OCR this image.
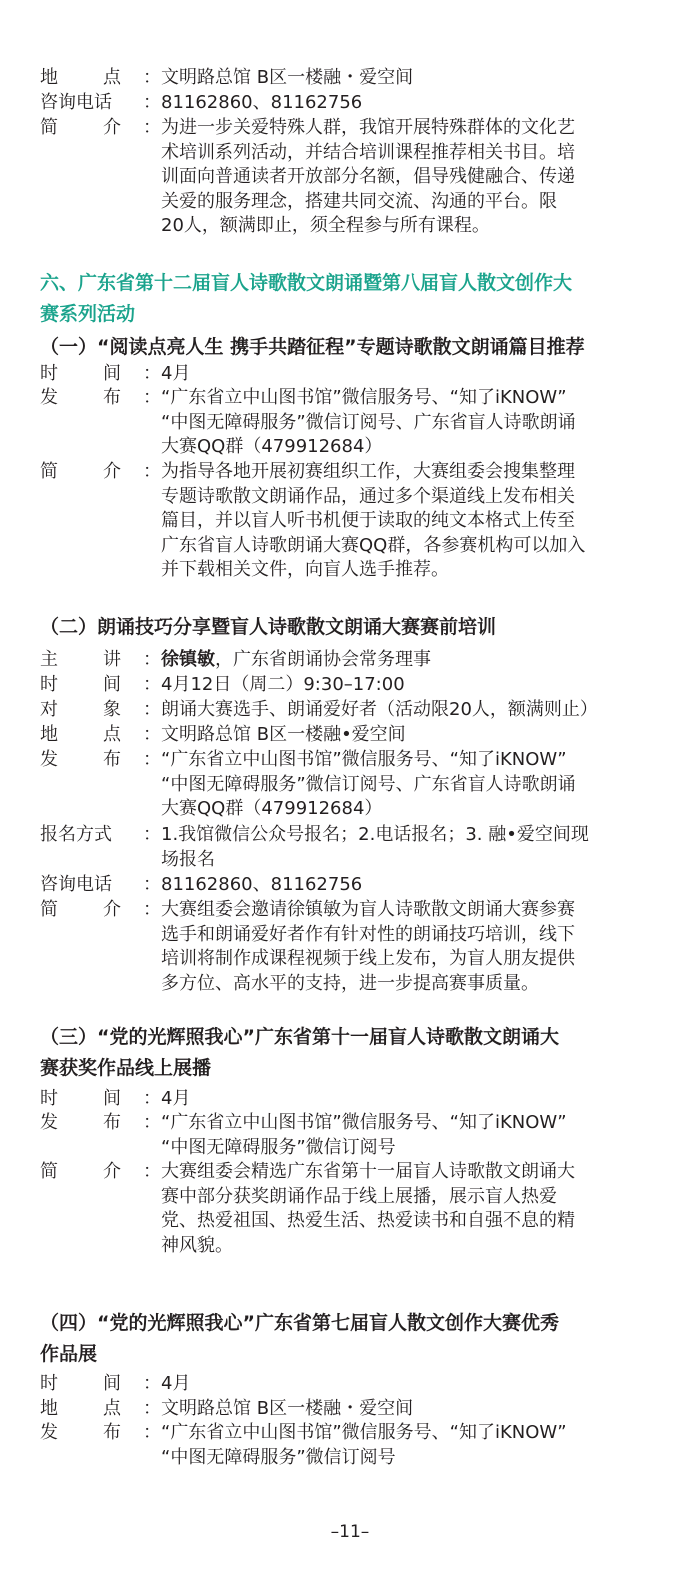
地	点 ： 文明路总馆 B区一楼融・爱空间
咨询电话 ： 81162860、81162756
简	介 ： 为进一步关爱特殊人群，我馆开展特殊群体的文化艺
术培训系列活动，并结合培训课程推荐相关书目。培
训面向普通读者开放部分名额，倡导残健融合、传递
关爱的服务理念，搭建共同交流、沟通的平台。限
20人，额满即止，须全程参与所有课程。
六、广东省第十二届盲人诗歌散文朗诵暨第八届盲人散文创作大
赛系列活动
（一）“阅读点亮人生 携手共踏征程”专题诗歌散文朗诵篇目推荐
时	间 ： 4月
发	布 ： “广东省立中山图书馆”微信服务号、“知了iKNOW”
“中图无障碍服务”微信订阅号、广东省盲人诗歌朗诵
大赛QQ群（479912684）
简	介 ： 为指导各地开展初赛组织工作，大赛组委会搜集整理
专题诗歌散文朗诵作品，通过多个渠道线上发布相关
篇目，并以盲人听书机便于读取的纯文本格式上传至
广东省盲人诗歌朗诵大赛QQ群，各参赛机构可以加入
并下载相关文件，向盲人选手推荐。
（二）朗诵技巧分享暨盲人诗歌散文朗诵大赛赛前培训
主	讲 ： 徐镇敏，广东省朗诵协会常务理事
时	间 ： 4月12日（周二）9:30–17:00
对	象 ： 朗诵大赛选手、朗诵爱好者（活动限20人，额满则止）
地	点 ： 文明路总馆 B区一楼融•爱空间
发	布 ： “广东省立中山图书馆”微信服务号、“知了iKNOW”
“中图无障碍服务”微信订阅号、广东省盲人诗歌朗诵
大赛QQ群（479912684）
报名方式 ： 1.我馆微信公众号报名；2.电话报名；3. 融•爱空间现
场报名
咨询电话 ： 81162860、81162756
简	介 ： 大赛组委会邀请徐镇敏为盲人诗歌散文朗诵大赛参赛
选手和朗诵爱好者作有针对性的朗诵技巧培训，线下
培训将制作成课程视频于线上发布，为盲人朋友提供
多方位、高水平的支持，进一步提高赛事质量。
（三）“党的光辉照我心”广东省第十一届盲人诗歌散文朗诵大
赛获奖作品线上展播
时	间 ： 4月
发	布 ： “广东省立中山图书馆”微信服务号、“知了iKNOW”
“中图无障碍服务”微信订阅号
简	介 ： 大赛组委会精选广东省第十一届盲人诗歌散文朗诵大
赛中部分获奖朗诵作品于线上展播，展示盲人热爱
党、热爱祖国、热爱生活、热爱读书和自强不息的精
神风貌。
（四）“党的光辉照我心”广东省第七届盲人散文创作大赛优秀
作品展
时	间 ： 4月
地	点 ： 文明路总馆 B区一楼融・爱空间
发	布 ： “广东省立中山图书馆”微信服务号、“知了iKNOW”
“中图无障碍服务”微信订阅号
–11–
